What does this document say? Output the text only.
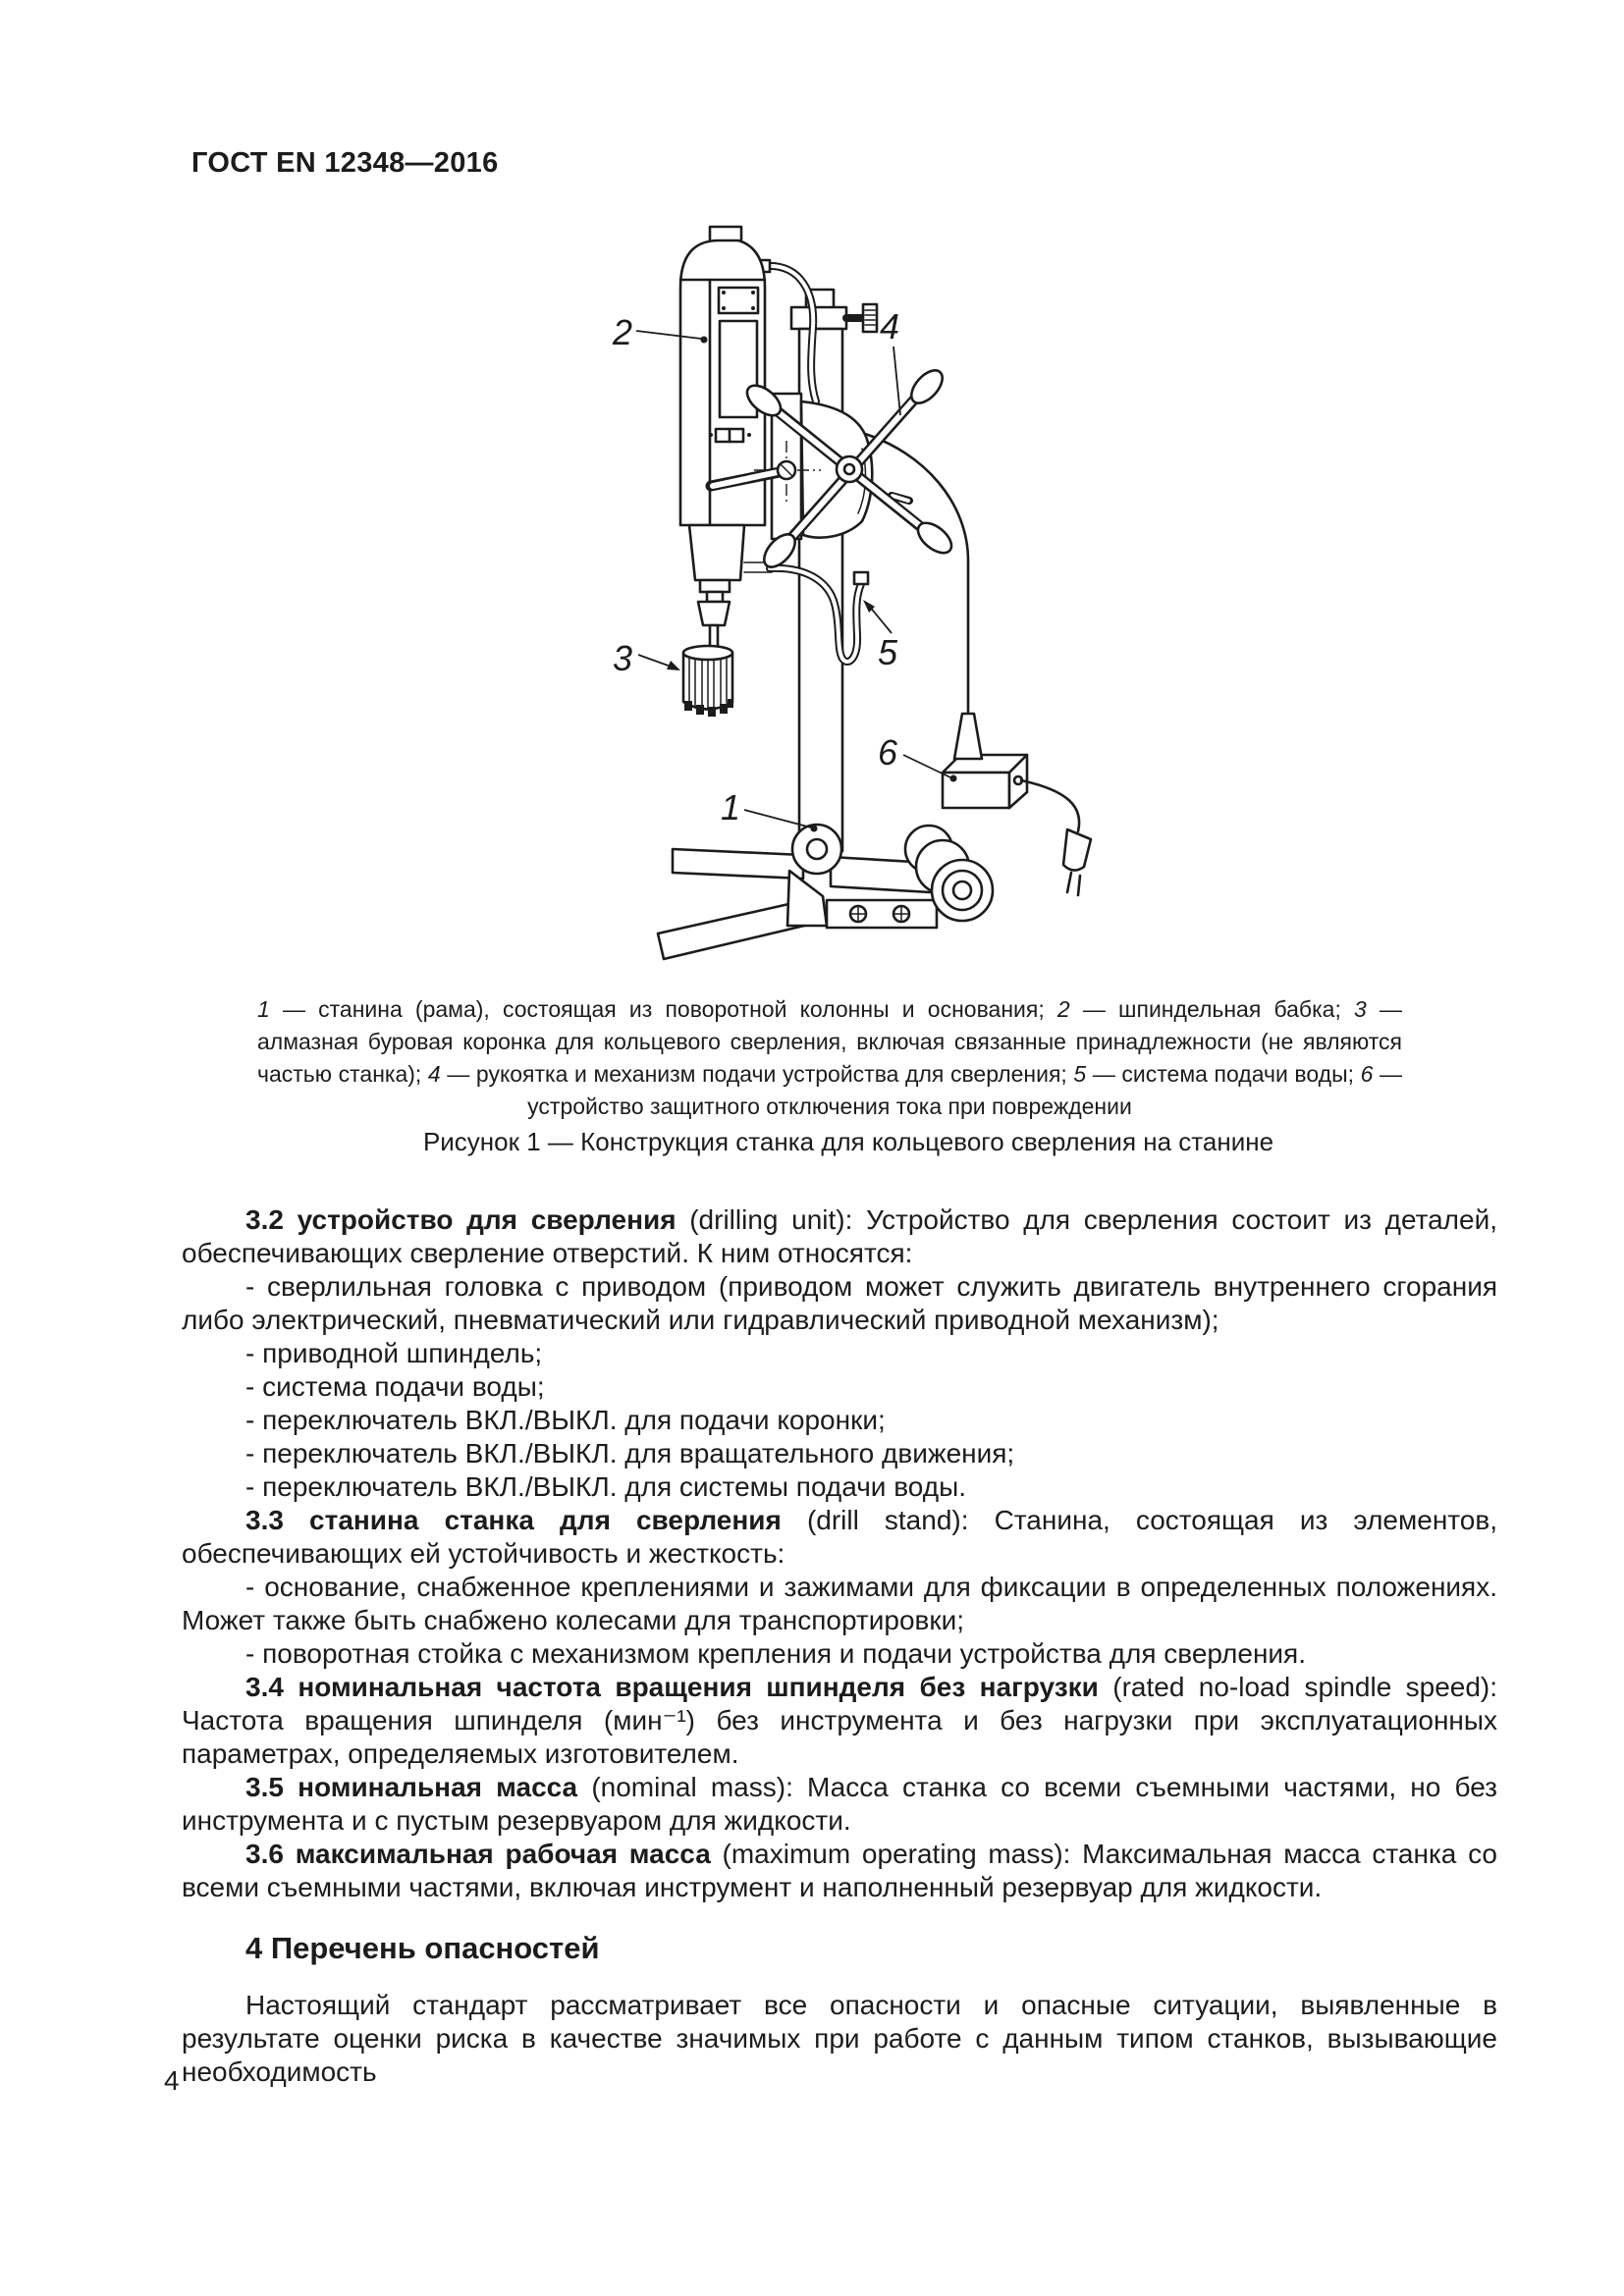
ГОСТ EN 12348—2016
2	4
3	5
6
1

1 — станина (рама), состоящая из поворотной колонны и основания; 2 — шпиндельная бабка; 3 — алмазная буровая коронка для кольцевого сверления, включая связанные принадлежности (не являются частью станка); 4 — рукоятка и механизм подачи устройства для сверления; 5 — система подачи воды; 6 — устройство защитного отключения тока при повреждении

Рисунок 1 — Конструкция станка для кольцевого сверления на станине

3.2 устройство для сверления (drilling unit): Устройство для сверления состоит из деталей, обеспечивающих сверление отверстий. К ним относятся:

- сверлильная головка с приводом (приводом может служить двигатель внутреннего сгорания либо электрический, пневматический или гидравлический приводной механизм);

- приводной шпиндель;

- система подачи воды;

- переключатель ВКЛ./ВЫКЛ. для подачи коронки;

- переключатель ВКЛ./ВЫКЛ. для вращательного движения;

- переключатель ВКЛ./ВЫКЛ. для системы подачи воды.

3.3 станина станка для сверления (drill stand): Станина, состоящая из элементов, обеспечивающих ей устойчивость и жесткость:

- основание, снабженное креплениями и зажимами для фиксации в определенных положениях. Может также быть снабжено колесами для транспортировки;

- поворотная стойка с механизмом крепления и подачи устройства для сверления.

3.4 номинальная частота вращения шпинделя без нагрузки (rated no-load spindle speed): Частота вращения шпинделя (мин⁻¹) без инструмента и без нагрузки при эксплуатационных параметрах, определяемых изготовителем.

3.5 номинальная масса (nominal mass): Масса станка со всеми съемными частями, но без инструмента и с пустым резервуаром для жидкости.

3.6 максимальная рабочая масса (maximum operating mass): Максимальная масса станка со всеми съемными частями, включая инструмент и наполненный резервуар для жидкости.

4 Перечень опасностей

Настоящий стандарт рассматривает все опасности и опасные ситуации, выявленные в результате оценки риска в качестве значимых при работе с данным типом станков, вызывающие необходимость

4
